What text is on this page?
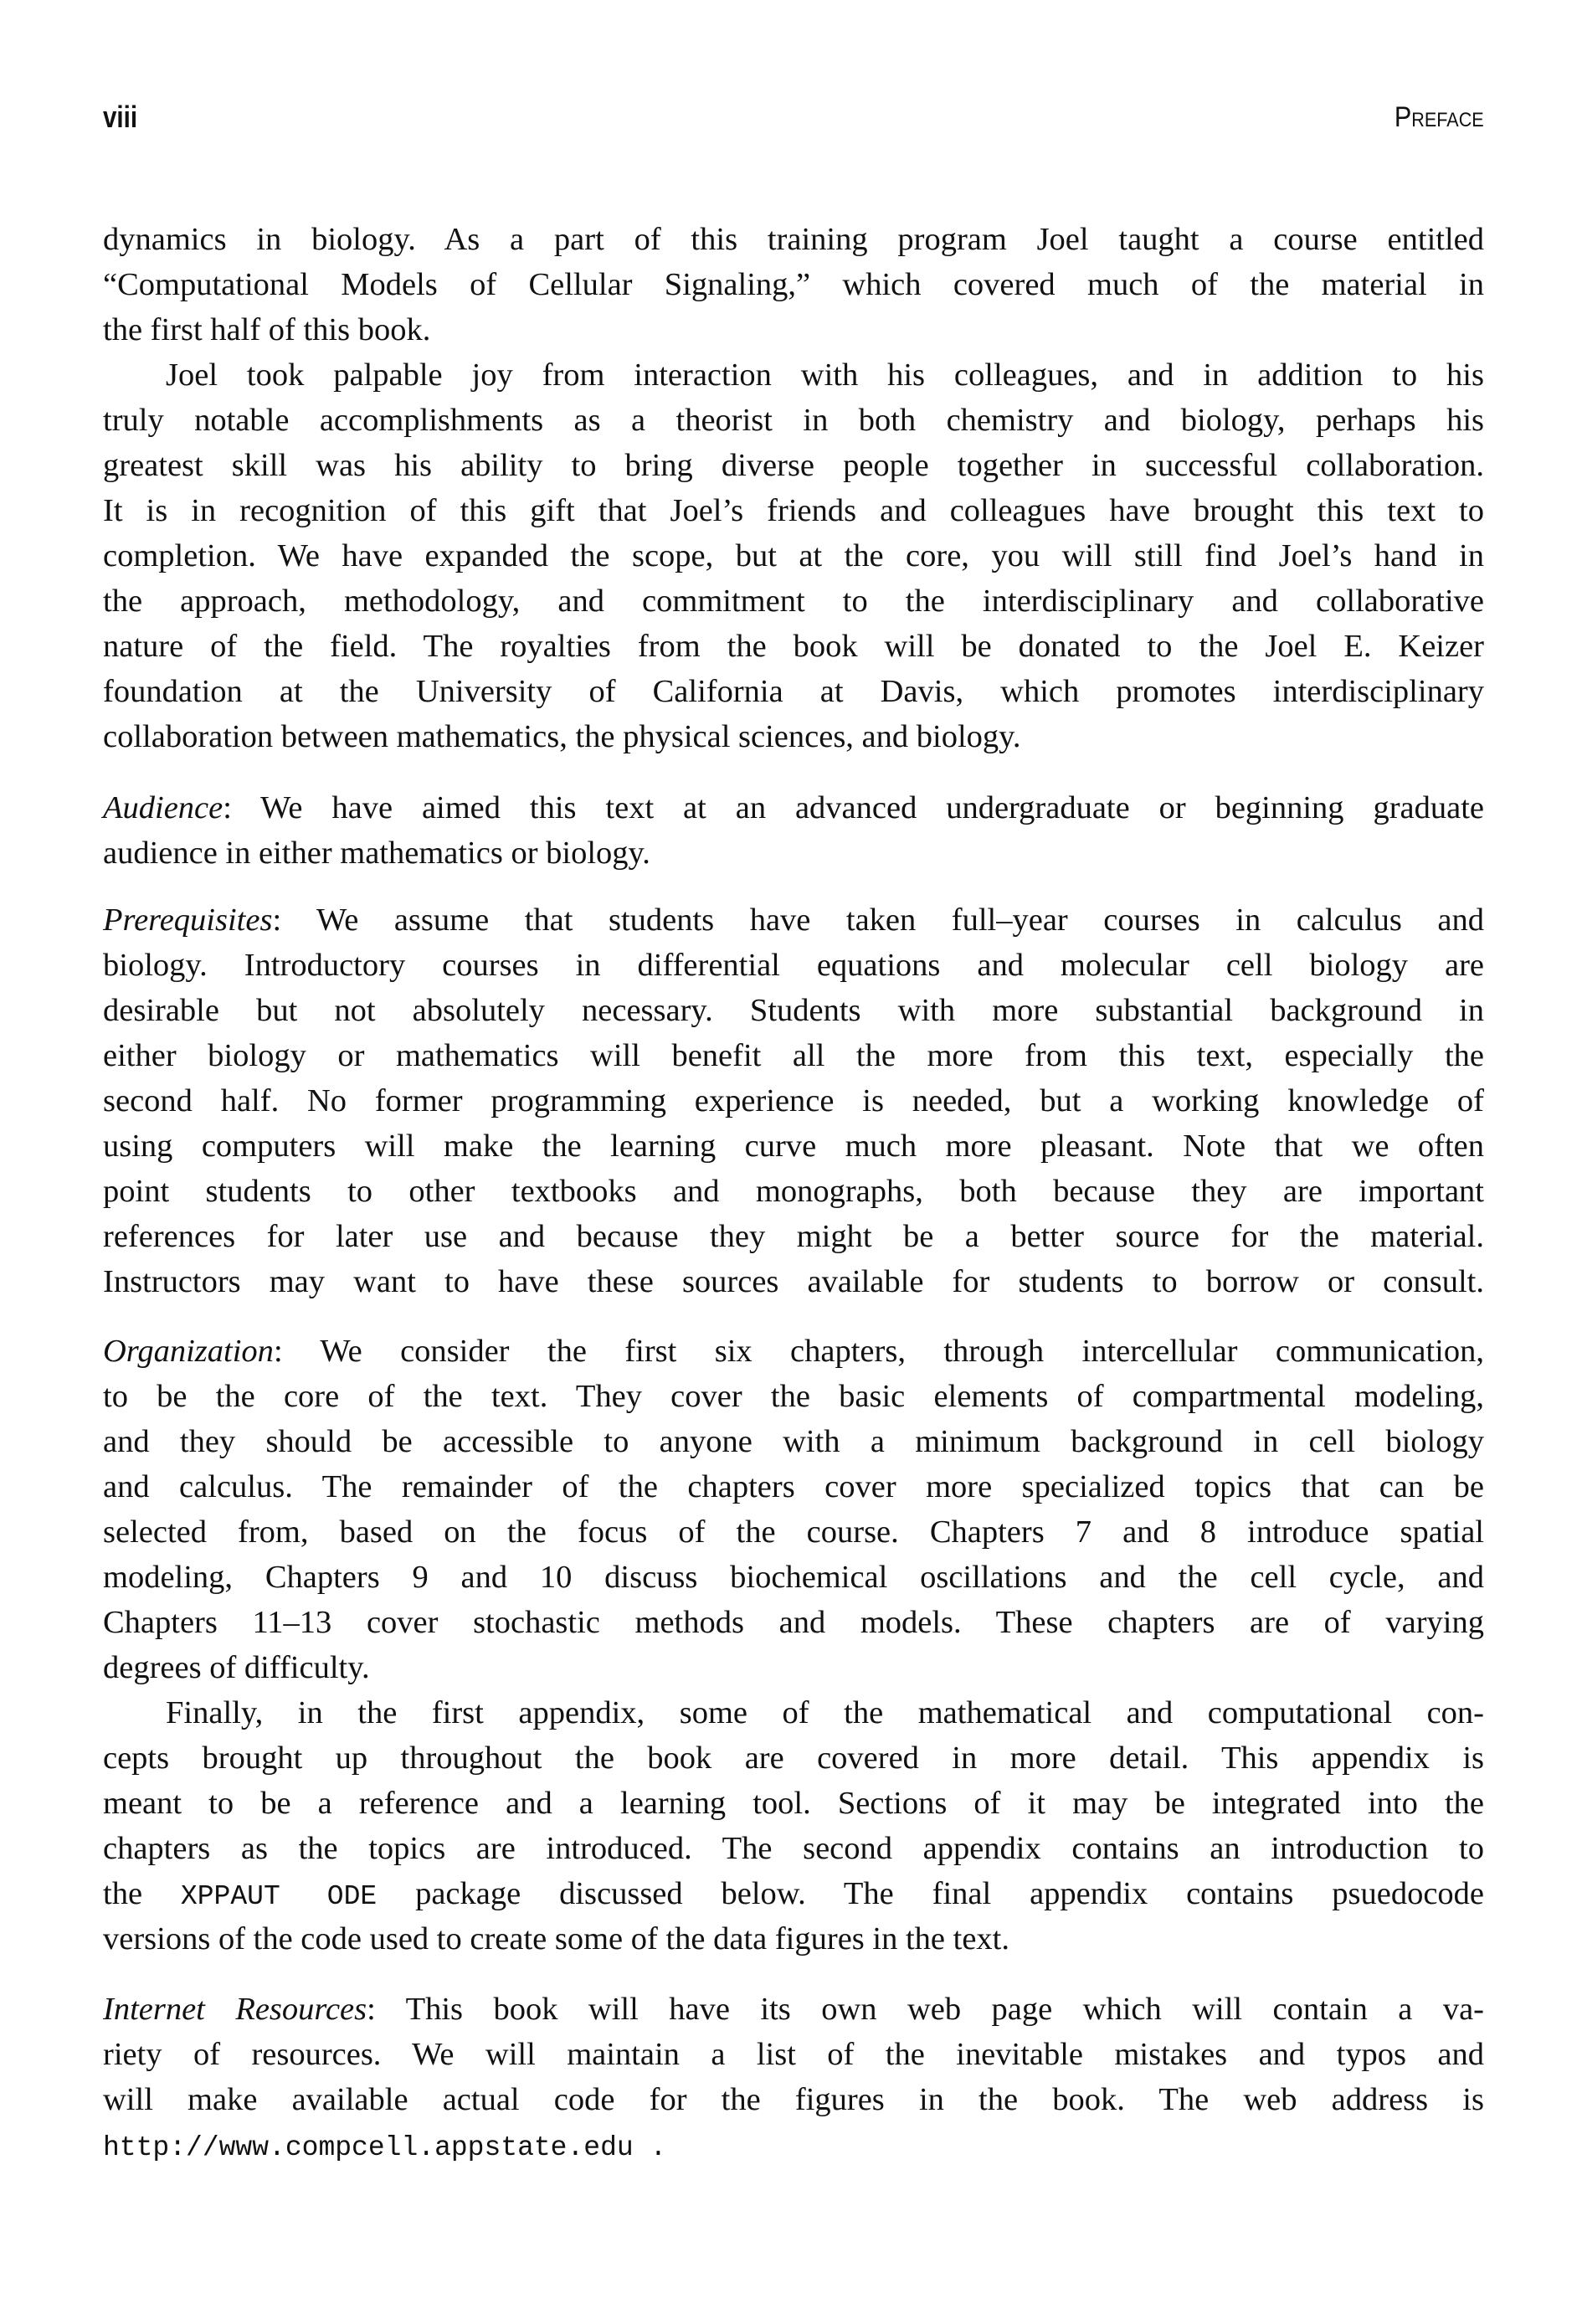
viii	Preface
dynamics in biology. As a part of this training program Joel taught a course entitled
“Computational Models of Cellular Signaling,” which covered much of the material in
the first half of this book.
Joel took palpable joy from interaction with his colleagues, and in addition to his
truly notable accomplishments as a theorist in both chemistry and biology, perhaps his
greatest skill was his ability to bring diverse people together in successful collaboration.
It is in recognition of this gift that Joel’s friends and colleagues have brought this text to
completion. We have expanded the scope, but at the core, you will still find Joel’s hand in
the approach, methodology, and commitment to the interdisciplinary and collaborative
nature of the field. The royalties from the book will be donated to the Joel E. Keizer
foundation at the University of California at Davis, which promotes interdisciplinary
collaboration between mathematics, the physical sciences, and biology.
Audience: We have aimed this text at an advanced undergraduate or beginning graduate
audience in either mathematics or biology.
Prerequisites: We assume that students have taken full–year courses in calculus and
biology. Introductory courses in differential equations and molecular cell biology are
desirable but not absolutely necessary. Students with more substantial background in
either biology or mathematics will benefit all the more from this text, especially the
second half. No former programming experience is needed, but a working knowledge of
using computers will make the learning curve much more pleasant. Note that we often
point students to other textbooks and monographs, both because they are important
references for later use and because they might be a better source for the material.
Instructors may want to have these sources available for students to borrow or consult.
Organization: We consider the first six chapters, through intercellular communication,
to be the core of the text. They cover the basic elements of compartmental modeling,
and they should be accessible to anyone with a minimum background in cell biology
and calculus. The remainder of the chapters cover more specialized topics that can be
selected from, based on the focus of the course. Chapters 7 and 8 introduce spatial
modeling, Chapters 9 and 10 discuss biochemical oscillations and the cell cycle, and
Chapters 11–13 cover stochastic methods and models. These chapters are of varying
degrees of difficulty.
Finally, in the first appendix, some of the mathematical and computational con-
cepts brought up throughout the book are covered in more detail. This appendix is
meant to be a reference and a learning tool. Sections of it may be integrated into the
chapters as the topics are introduced. The second appendix contains an introduction to
the XPPAUT ODE package discussed below. The final appendix contains psuedocode
versions of the code used to create some of the data figures in the text.
Internet Resources: This book will have its own web page which will contain a va-
riety of resources. We will maintain a list of the inevitable mistakes and typos and
will make available actual code for the figures in the book. The web address is
http://www.compcell.appstate.edu .
